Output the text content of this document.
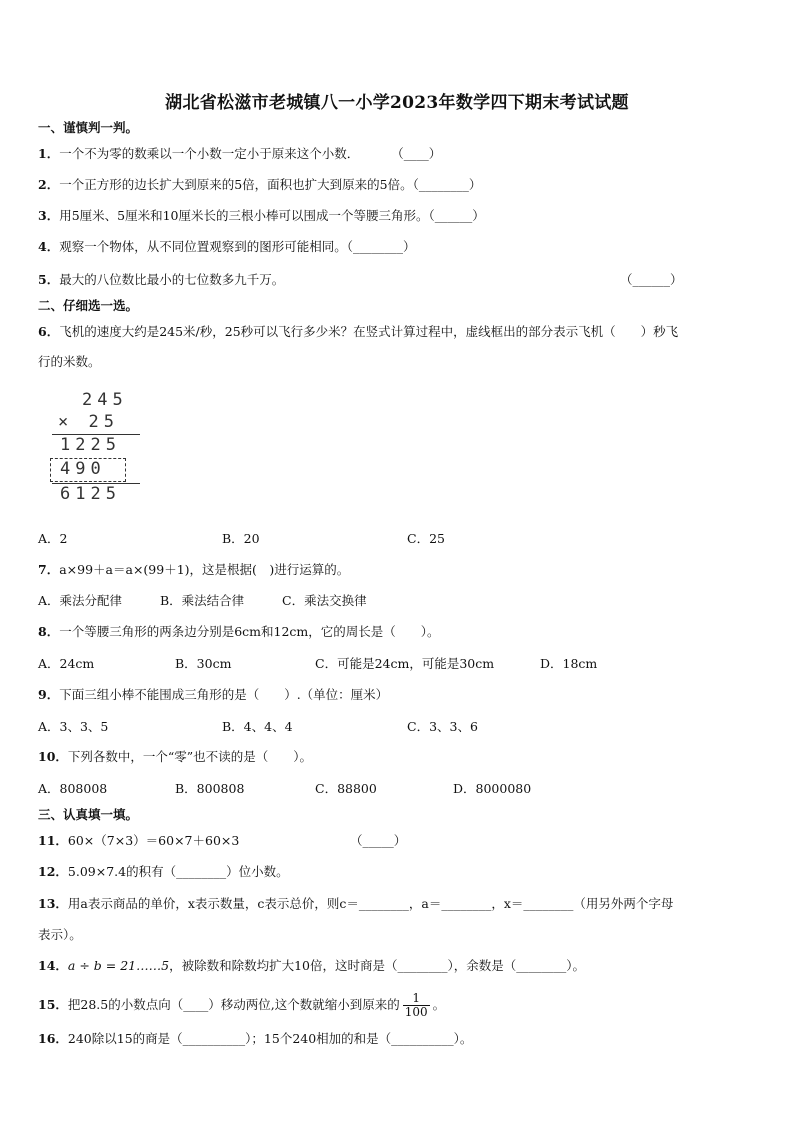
湖北省松滋市老城镇八一小学2023年数学四下期末考试试题
一、谨慎判一判。
1．一个不为零的数乘以一个小数一定小于原来这个小数．	（____）
2．一个正方形的边长扩大到原来的5倍，面积也扩大到原来的5倍。（________）
3．用5厘米、5厘米和10厘米长的三根小棒可以围成一个等腰三角形。（______）
4．观察一个物体，从不同位置观察到的图形可能相同。（________）
5．最大的八位数比最小的七位数多九千万。	（______）
二、仔细选一选。
6．飞机的速度大约是245米/秒，25秒可以飞行多少米？在竖式计算过程中，虚线框出的部分表示飞机（　　）秒飞
行的米数。
245
× 25
1225
490
6125
A．2	B．20	C．25
7．a×99＋a＝a×(99＋1)，这是根据(　)进行运算的。
A．乘法分配律	B．乘法结合律	C．乘法交换律
8．一个等腰三角形的两条边分别是6cm和12cm，它的周长是（　　）。
A．24cm	B．30cm	C．可能是24cm，可能是30cm	D．18cm
9．下面三组小棒不能围成三角形的是（　　）.（单位：厘米）
A．3、3、5	B．4、4、4	C．3、3、6
10．下列各数中，一个“零”也不读的是（　　）。
A．808008	B．800808	C．88800	D．8000080
三、认真填一填。
11．60×（7×3）＝60×7＋60×3	（_____）
12．5.09×7.4的积有（________）位小数。
13．用a表示商品的单价，x表示数量，c表示总价，则c＝________，a＝________，x＝________（用另外两个字母
表示）。
14．a ÷ b = 21……5，被除数和除数均扩大10倍，这时商是（________），余数是（________）。
15．把28.5的小数点向（____）移动两位,这个数就缩小到原来的 $\frac{1}{100}$ 。
16．240除以15的商是（__________）；15个240相加的和是（__________）。
